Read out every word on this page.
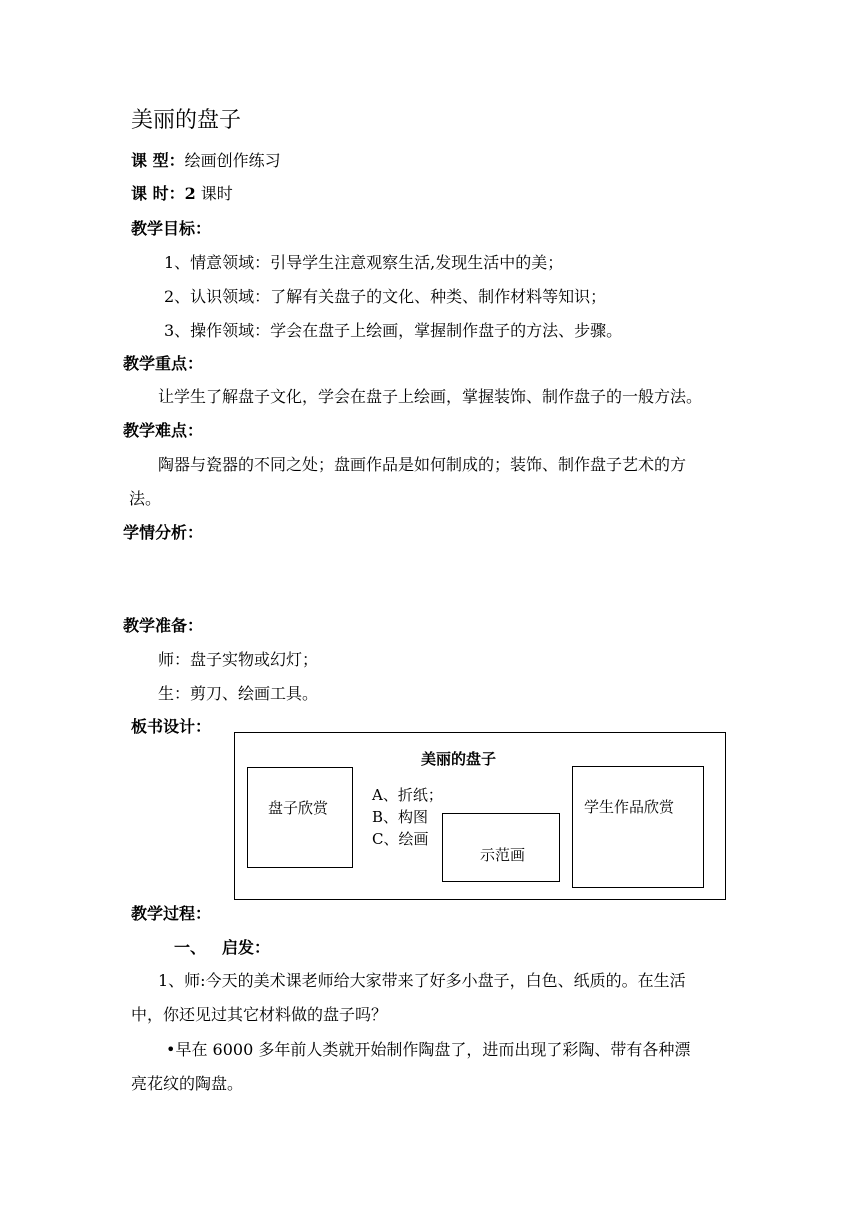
美丽的盘子
课 型：绘画创作练习
课 时：2 课时
教学目标：
1、情意领域：引导学生注意观察生活,发现生活中的美；
2、认识领域：了解有关盘子的文化、种类、制作材料等知识；
3、操作领域：学会在盘子上绘画，掌握制作盘子的方法、步骤。
教学重点：
让学生了解盘子文化，学会在盘子上绘画，掌握装饰、制作盘子的一般方法。
教学难点：
陶器与瓷器的不同之处；盘画作品是如何制成的；装饰、制作盘子艺术的方
法。
学情分析：
教学准备：
师：盘子实物或幻灯；
生：剪刀、绘画工具。
板书设计：
美丽的盘子
盘子欣赏
A、折纸；
B、构图
C、绘画
示范画
学生作品欣赏
教学过程：
一、 启发：
1、师:今天的美术课老师给大家带来了好多小盘子，白色、纸质的。在生活
中，你还见过其它材料做的盘子吗？
•早在 6000 多年前人类就开始制作陶盘了，进而出现了彩陶、带有各种漂
亮花纹的陶盘。
